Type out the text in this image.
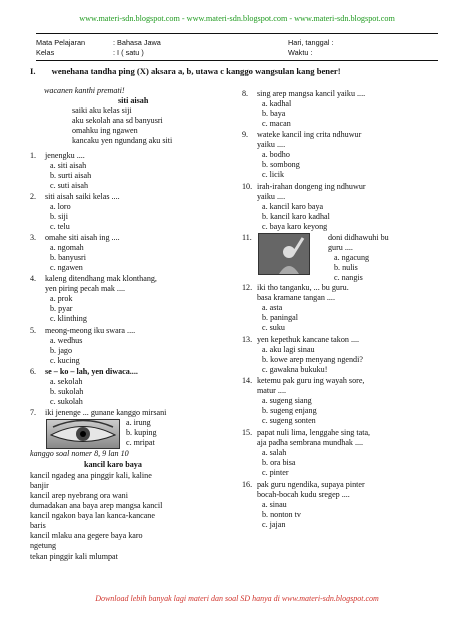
www.materi-sdn.blogspot.com - www.materi-sdn.blogspot.com - www.materi-sdn.blogspot.com
Mata Pelajaran	: Bahasa Jawa
Kelas	: I ( satu )
Hari, tanggal :
Waktu :
I. wenehana tandha ping (X) aksara a, b, utawa c kanggo wangsulan kang bener!
wacanen kanthi premati!
siti aisah
saiki aku kelas siji
aku sekolah ana sd banyusri
omahku ing ngawen
kancaku yen ngundang aku siti
1. jenengku ....
a. siti aisah
b. surti aisah
c. suti aisah
2. siti aisah saiki kelas ....
a. loro
b. siji
c. telu
3. omahe siti aisah ing ....
a. ngomah
b. banyusri
c. ngawen
4. kaleng ditendhang mak klonthang,
yen piring pecah mak ....
a. prok
b. pyar
c. klinthing
5. meong-meong iku swara ....
a. wedhus
b. jago
c. kucing
6. se – ko – lah, yen diwaca....
a. sekolah
b. sukolah
c. sukolah
7. iki jenenge ... gunane kanggo mirsani
a. irung
b. kuping
c. mripat
kanggo soal nomer 8, 9 lan 10
kancil karo baya
kancil ngadeg ana pinggir kali, kaline
banjir
kancil arep nyebrang ora wani
dumadakan ana baya arep mangsa kancil
kancil ngakon baya lan kanca-kancane
baris
kancil mlaku ana gegere baya karo
ngetung
tekan pinggir kali mlumpat
8. sing arep mangsa kancil yaiku ....
a. kadhal
b. baya
c. macan
9. wateke kancil ing crita ndhuwur
yaiku ....
a. bodho
b. sombong
c. licik
10. irah-irahan dongeng ing ndhuwur
yaiku ....
a. kancil karo baya
b. kancil karo kadhal
c. baya karo keyong
11.	doni didhawuhi bu
guru ....
a. ngacung
b. nulis
c. nangis
12. iki tho tanganku, ... bu guru.
basa kramane tangan ....
a. asta
b. paningal
c. suku
13. yen kepethuk kancane takon ....
a. aku lagi sinau
b. kowe arep menyang ngendi?
c. gawakna bukuku!
14. ketemu pak guru ing wayah sore,
matur ....
a. sugeng siang
b. sugeng enjang
c. sugeng sonten
15. papat nuli lima, lenggahe sing tata,
aja padha sembrana mundhak ....
a. salah
b. ora bisa
c. pinter
16. pak guru ngendika, supaya pinter
bocah-bocah kudu sregep ....
a. sinau
b. nonton tv
c. jajan
Download lebih banyak lagi materi dan soal SD hanya di www.materi-sdn.blogspot.com
